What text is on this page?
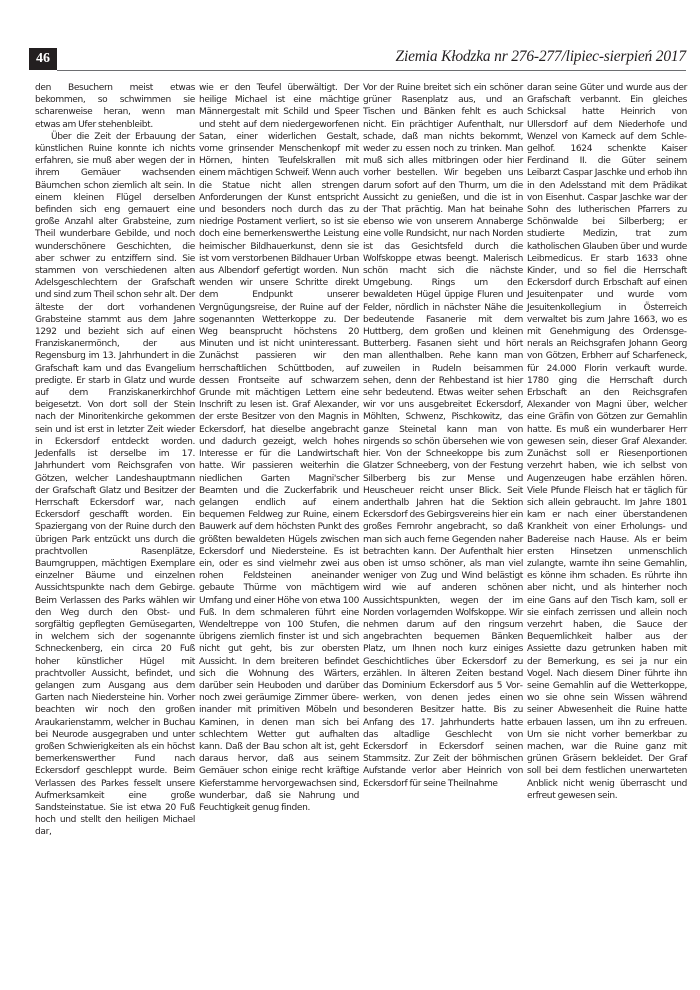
46	Ziemia Kłodzka nr 276-277/lipiec-sierpień 2017

den Besuchern meist etwas bekommen, so schwimmen sie scharenweise heran, wenn man etwas am Ufer stehenbleibt.

Über die Zeit der Erbauung der künstlichen Ruine konnte ich nichts erfahren, sie muß aber wegen der in ihrem Gemäuer wachsenden Bäumchen schon ziemlich alt sein. In einem kleinen Flügel derselben befinden sich eng gemauert eine große Anzahl alter Grabsteine, zum Theil wunderbare Gebilde, und noch wunderschönere Geschichten, die aber schwer zu entziffern sind. Sie stammen von verschiedenen alten Adelsgeschlechtern der Grafschaft und sind zum Theil schon sehr alt. Der älteste der dort vorhandenen Grabsteine stammt aus dem Jahre 1292 und bezieht sich auf einen Franziskanermönch, der aus Regensburg im 13. Jahrhundert in die Grafschaft kam und das Evangelium predigte. Er starb in Glatz und wurde auf dem Franziskanerkirchhof beigesetzt. Von dort soll der Stein nach der Minoritenkirche gekommen sein und ist erst in letzter Zeit wieder in Eckersdorf entdeckt worden. Jedenfalls ist derselbe im 17. Jahrhundert vom Reichsgrafen von Götzen, welcher Landeshauptmann der Grafschaft Glatz und Besitzer der Herrschaft Eckersdorf war, nach Eckersdorf geschafft worden. Ein Spaziergang von der Ruine durch den übrigen Park entzückt uns durch die prachtvollen Rasenplätze, Baumgruppen, mächtigen Exemplare einzelner Bäume und einzelnen Aussichtspunkte nach dem Gebirge. Beim Verlassen des Parks wählen wir den Weg durch den Obst- und sorgfältig gepflegten Gemüsegarten, in welchem sich der sogenannte Schneckenberg, ein circa 20 Fuß hoher künstlicher Hügel mit prachtvoller Aussicht, befindet, und gelangen zum Ausgang aus dem Garten nach Niedersteine hin. Vorher beachten wir noch den großen Araukarienstamm, welcher in Buchau bei Neurode ausgegraben und unter großen Schwierigkeiten als ein höchst bemerkenswerther Fund nach Eckersdorf geschleppt wurde. Beim Verlassen des Parkes fesselt unsere Aufmerksamkeit eine große Sandsteinstatue. Sie ist etwa 20 Fuß hoch und stellt den heiligen Michael dar,

wie er den Teufel überwältigt. Der heilige Michael ist eine mächtige Männergestalt mit Schild und Speer und steht auf dem niedergeworfenen Satan, einer widerlichen Gestalt, vorne grinsender Menschenkopf mit Hörnen, hinten Teufelskrallen mit einem mächtigen Schweif. Wenn auch die Statue nicht allen strengen Anforderungen der Kunst entspricht und besonders noch durch das zu niedrige Postament verliert, so ist sie doch eine bemerkenswerthe Leistung heimischer Bildhauerkunst, denn sie ist vom verstorbenen Bildhauer Urban aus Albendorf gefertigt worden. Nun wenden wir unsere Schritte direkt dem Endpunkt unserer Vergnügungsreise, der Ruine auf der sogenannten Wetterkoppe zu. Der Weg beansprucht höchstens 20 Minuten und ist nicht uninteressant. Zunächst passieren wir den herrschaftlichen Schüttboden, auf dessen Frontseite auf schwarzem Grunde mit mächtigen Lettern eine Inschrift zu lesen ist. Graf Alexander, der erste Besitzer von den Magnis in Eckersdorf, hat dieselbe angebracht und dadurch gezeigt, welch hohes Interesse er für die Landwirtschaft hatte. Wir passieren weiterhin die niedlichen Garten Magni'scher Beamten und die Zuckerfabrik und gelangen endlich auf einem bequemen Feldweg zur Ruine, einem Bauwerk auf dem höchsten Punkt des größten bewaldeten Hügels zwischen Eckersdorf und Niedersteine. Es ist ein, oder es sind vielmehr zwei aus rohen Feldsteinen aneinander gebaute Thürme von mächtigem Umfang und einer Höhe von etwa 100 Fuß. In dem schmaleren führt eine Wendeltreppe von 100 Stufen, die übrigens ziemlich finster ist und sich nicht gut geht, bis zur obersten Aussicht. In dem breiteren befindet sich die Wohnung des Wärters, darüber sein Heuboden und darüber noch zwei geräumige Zimmer übereinander mit primitiven Möbeln und Kaminen, in denen man sich bei schlechtem Wetter gut aufhalten kann. Daß der Bau schon alt ist, geht daraus hervor, daß aus seinem Gemäuer schon einige recht kräftige Kieferstamme hervorgewachsen sind, wunderbar, daß sie Nahrung und Feuchtigkeit genug finden.

Vor der Ruine breitet sich ein schöner grüner Rasenplatz aus, und an Tischen und Bänken fehlt es auch nicht. Ein prächtiger Aufenthalt, nur schade, daß man nichts bekommt, weder zu essen noch zu trinken. Man muß sich alles mitbringen oder hier vorher bestellen. Wir begeben uns darum sofort auf den Thurm, um die Aussicht zu genießen, und die ist in der That prächtig. Man hat beinahe ebenso wie von unserem Annaberge eine volle Rundsicht, nur nach Norden ist das Gesichtsfeld durch die Wolfskoppe etwas beengt. Malerisch schön macht sich die nächste Umgebung. Rings um den bewaldeten Hügel üppige Fluren und Felder, nördlich in nächster Nähe die bedeutende Fasanerie mit dem Huttberg, dem großen und kleinen Butterberg. Fasanen sieht und hört man allenthalben. Rehe kann man zuweilen in Rudeln beisammen sehen, denn der Rehbestand ist hier sehr bedeutend. Etwas weiter sehen wir vor uns ausgebreitet Eckersdorf, Möhlten, Schwenz, Pischkowitz, das ganze Steinetal kann man von nirgends so schön übersehen wie von hier. Von der Schneekoppe bis zum Glatzer Schneeberg, von der Festung Silberberg bis zur Mense und Heuscheuer reicht unser Blick. Seit anderthalb Jahren hat die Sektion Eckersdorf des Gebirgsvereins hier ein großes Fernrohr angebracht, so daß man sich auch ferne Gegenden naher betrachten kann. Der Aufenthalt hier oben ist umso schöner, als man viel weniger von Zug und Wind belästigt wird wie auf anderen schönen Aussichtspunkten, wegen der im Norden vorlagernden Wolfskoppe. Wir nehmen darum auf den ringsum angebrachten bequemen Bänken Platz, um Ihnen noch kurz einiges Geschichtliches über Eckersdorf zu erzählen. In älteren Zeiten bestand das Dominium Eckersdorf aus 5 Vorwerken, von denen jedes einen besonderen Besitzer hatte. Bis zu Anfang des 17. Jahrhunderts hatte das altadlige Geschlecht von Eckersdorf in Eckersdorf seinen Stammsitz. Zur Zeit der böhmischen Aufstande verlor aber Heinrich von Eckersdorf für seine Theilnahme

daran seine Güter und wurde aus der Grafschaft verbannt. Ein gleiches Schicksal hatte Heinrich von Ullersdorf auf dem Niederhofe und Wenzel von Kameck auf dem Schlegelhof. 1624 schenkte Kaiser Ferdinand II. die Güter seinem Leibarzt Caspar Jaschke und erhob ihn in den Adelsstand mit dem Prädikat von Eisenhut. Caspar Jaschke war der Sohn des lutherischen Pfarrers zu Schönwalde bei Silberberg; er studierte Medizin, trat zum katholischen Glauben über und wurde Leibmedicus. Er starb 1633 ohne Kinder, und so fiel die Herrschaft Eckersdorf durch Erbschaft auf einen Jesuitenpater und wurde vom Jesuitenkollegium in Österreich verwaltet bis zum Jahre 1663, wo es mit Genehmigung des Ordensgenerals an Reichsgrafen Johann Georg von Götzen, Erbherr auf Scharfeneck, für 24.000 Florin verkauft wurde. 1780 ging die Herrschaft durch Erbschaft an den Reichsgrafen Alexander von Magni über, welcher eine Gräfin von Götzen zur Gemahlin hatte. Es muß ein wunderbarer Herr gewesen sein, dieser Graf Alexander. Zunächst soll er Riesenportionen verzehrt haben, wie ich selbst von Augenzeugen habe erzählen hören. Viele Pfunde Fleisch hat er täglich für sich allein gebraucht. Im Jahre 1801 kam er nach einer überstandenen Krankheit von einer Erholungs- und Badereise nach Hause. Als er beim ersten Hinsetzen unmenschlich zulangte, warnte ihn seine Gemahlin, es könne ihm schaden. Es rührte ihn aber nicht, und als hinterher noch eine Gans auf den Tisch kam, soll er sie einfach zerrissen und allein noch verzehrt haben, die Sauce der Bequemlichkeit halber aus der Assiette dazu getrunken haben mit der Bemerkung, es sei ja nur ein Vogel. Nach diesem Diner führte ihn seine Gemahlin auf die Wetterkoppe, wo sie ohne sein Wissen während seiner Abwesenheit die Ruine hatte erbauen lassen, um ihn zu erfreuen. Um sie nicht vorher bemerkbar zu machen, war die Ruine ganz mit grünen Gräsern bekleidet. Der Graf soll bei dem festlichen unerwarteten Anblick nicht wenig überrascht und erfreut gewesen sein.
